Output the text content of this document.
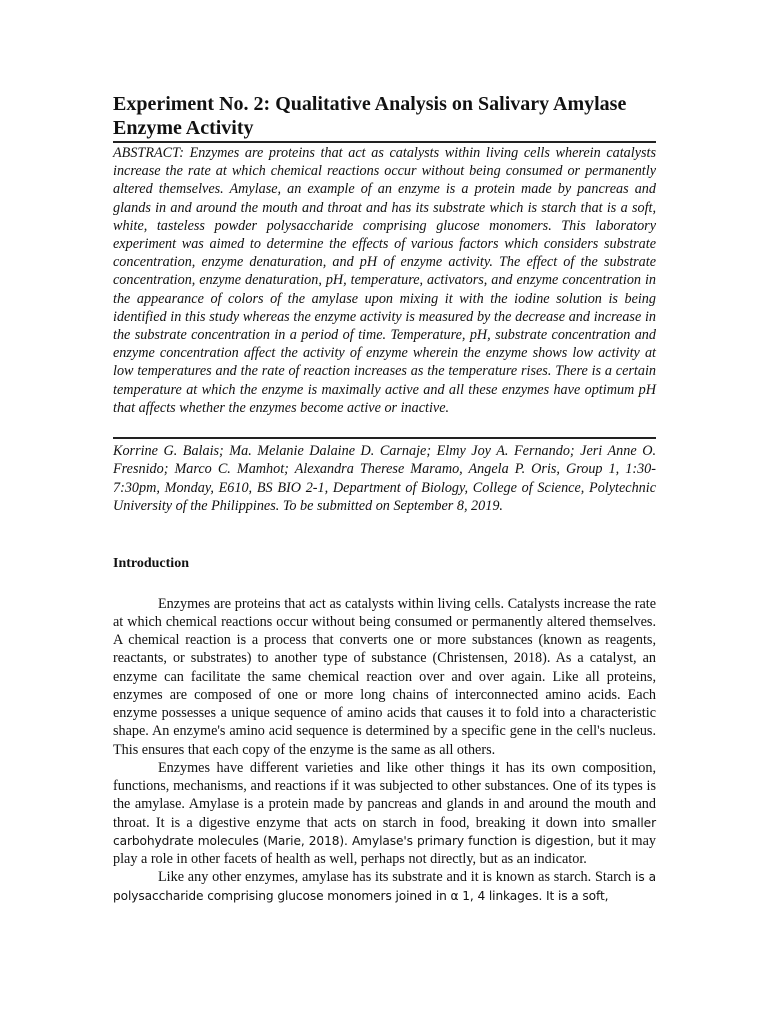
Experiment No. 2: Qualitative Analysis on Salivary Amylase Enzyme Activity

ABSTRACT: Enzymes are proteins that act as catalysts within living cells wherein catalysts increase the rate at which chemical reactions occur without being consumed or permanently altered themselves. Amylase, an example of an enzyme is a protein made by pancreas and glands in and around the mouth and throat and has its substrate which is starch that is a soft, white, tasteless powder polysaccharide comprising glucose monomers. This laboratory experiment was aimed to determine the effects of various factors which considers substrate concentration, enzyme denaturation, and pH of enzyme activity. The effect of the substrate concentration, enzyme denaturation, pH, temperature, activators, and enzyme concentration in the appearance of colors of the amylase upon mixing it with the iodine solution is being identified in this study whereas the enzyme activity is measured by the decrease and increase in the substrate concentration in a period of time. Temperature, pH, substrate concentration and enzyme concentration affect the activity of enzyme wherein the enzyme shows low activity at low temperatures and the rate of reaction increases as the temperature rises. There is a certain temperature at which the enzyme is maximally active and all these enzymes have optimum pH that affects whether the enzymes become active or inactive.

Korrine G. Balais; Ma. Melanie Dalaine D. Carnaje; Elmy Joy A. Fernando; Jeri Anne O. Fresnido; Marco C. Mamhot; Alexandra Therese Maramo, Angela P. Oris, Group 1, 1:30-7:30pm, Monday, E610, BS BIO 2-1, Department of Biology, College of Science, Polytechnic University of the Philippines. To be submitted on September 8, 2019.

Introduction

Enzymes are proteins that act as catalysts within living cells. Catalysts increase the rate at which chemical reactions occur without being consumed or permanently altered themselves. A chemical reaction is a process that converts one or more substances (known as reagents, reactants, or substrates) to another type of substance (Christensen, 2018). As a catalyst, an enzyme can facilitate the same chemical reaction over and over again. Like all proteins, enzymes are composed of one or more long chains of interconnected amino acids. Each enzyme possesses a unique sequence of amino acids that causes it to fold into a characteristic shape. An enzyme's amino acid sequence is determined by a specific gene in the cell's nucleus. This ensures that each copy of the enzyme is the same as all others.

Enzymes have different varieties and like other things it has its own composition, functions, mechanisms, and reactions if it was subjected to other substances. One of its types is the amylase. Amylase is a protein made by pancreas and glands in and around the mouth and throat. It is a digestive enzyme that acts on starch in food, breaking it down into smaller carbohydrate molecules (Marie, 2018). Amylase's primary function is digestion, but it may play a role in other facets of health as well, perhaps not directly, but as an indicator.

Like any other enzymes, amylase has its substrate and it is known as starch. Starch is a polysaccharide comprising glucose monomers joined in α 1, 4 linkages. It is a soft,
